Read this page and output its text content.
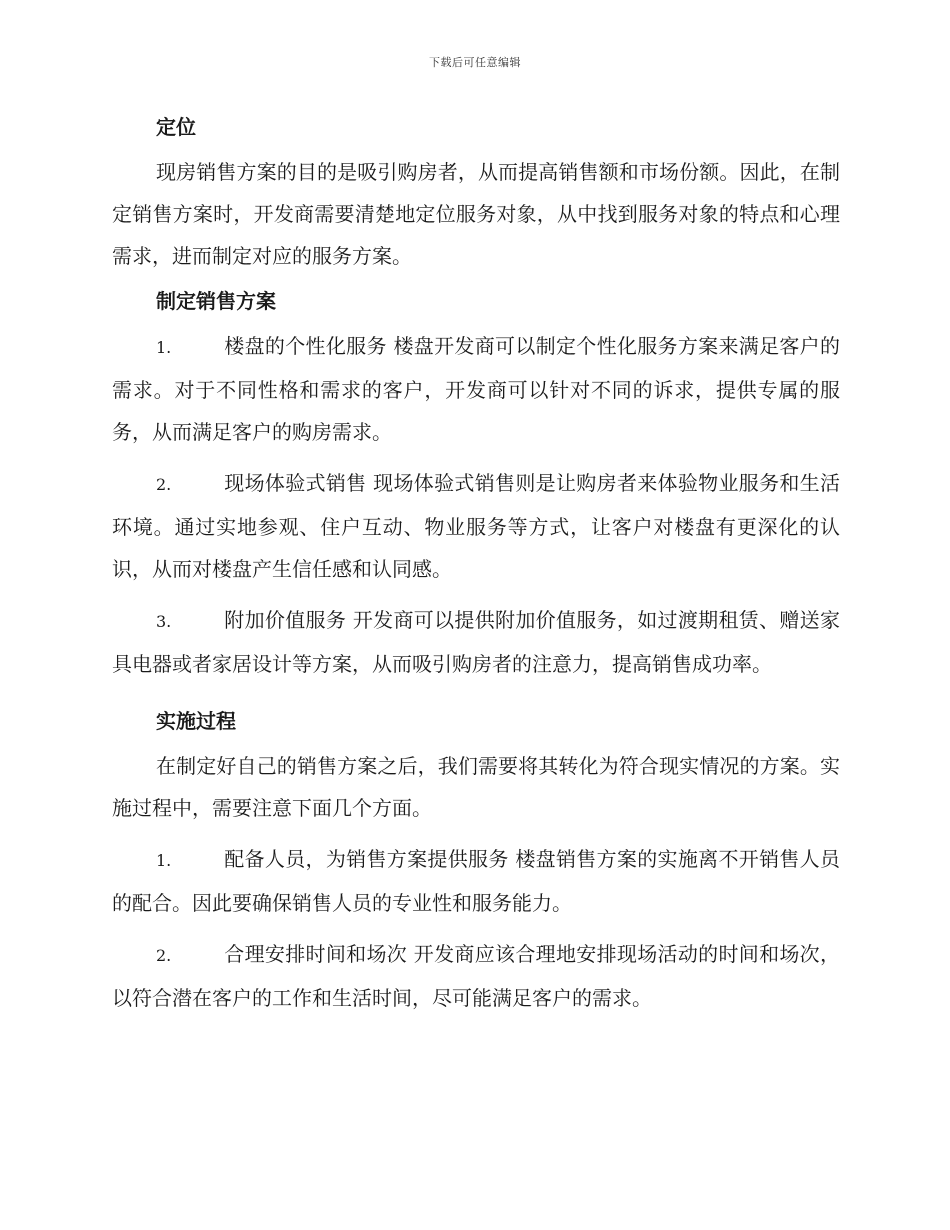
下载后可任意编辑
定位

现房销售方案的目的是吸引购房者，从而提高销售额和市场份额。因此，在制定销售方案时，开发商需要清楚地定位服务对象，从中找到服务对象的特点和心理需求，进而制定对应的服务方案。

制定销售方案

1.	楼盘的个性化服务 楼盘开发商可以制定个性化服务方案来满足客户的需求。对于不同性格和需求的客户，开发商可以针对不同的诉求，提供专属的服务，从而满足客户的购房需求。

2.	现场体验式销售 现场体验式销售则是让购房者来体验物业服务和生活环境。通过实地参观、住户互动、物业服务等方式，让客户对楼盘有更深化的认识，从而对楼盘产生信任感和认同感。

3.	附加价值服务 开发商可以提供附加价值服务，如过渡期租赁、赠送家具电器或者家居设计等方案，从而吸引购房者的注意力，提高销售成功率。

实施过程

在制定好自己的销售方案之后，我们需要将其转化为符合现实情况的方案。实施过程中，需要注意下面几个方面。

1.	配备人员，为销售方案提供服务 楼盘销售方案的实施离不开销售人员的配合。因此要确保销售人员的专业性和服务能力。

2.	合理安排时间和场次 开发商应该合理地安排现场活动的时间和场次，以符合潜在客户的工作和生活时间，尽可能满足客户的需求。
